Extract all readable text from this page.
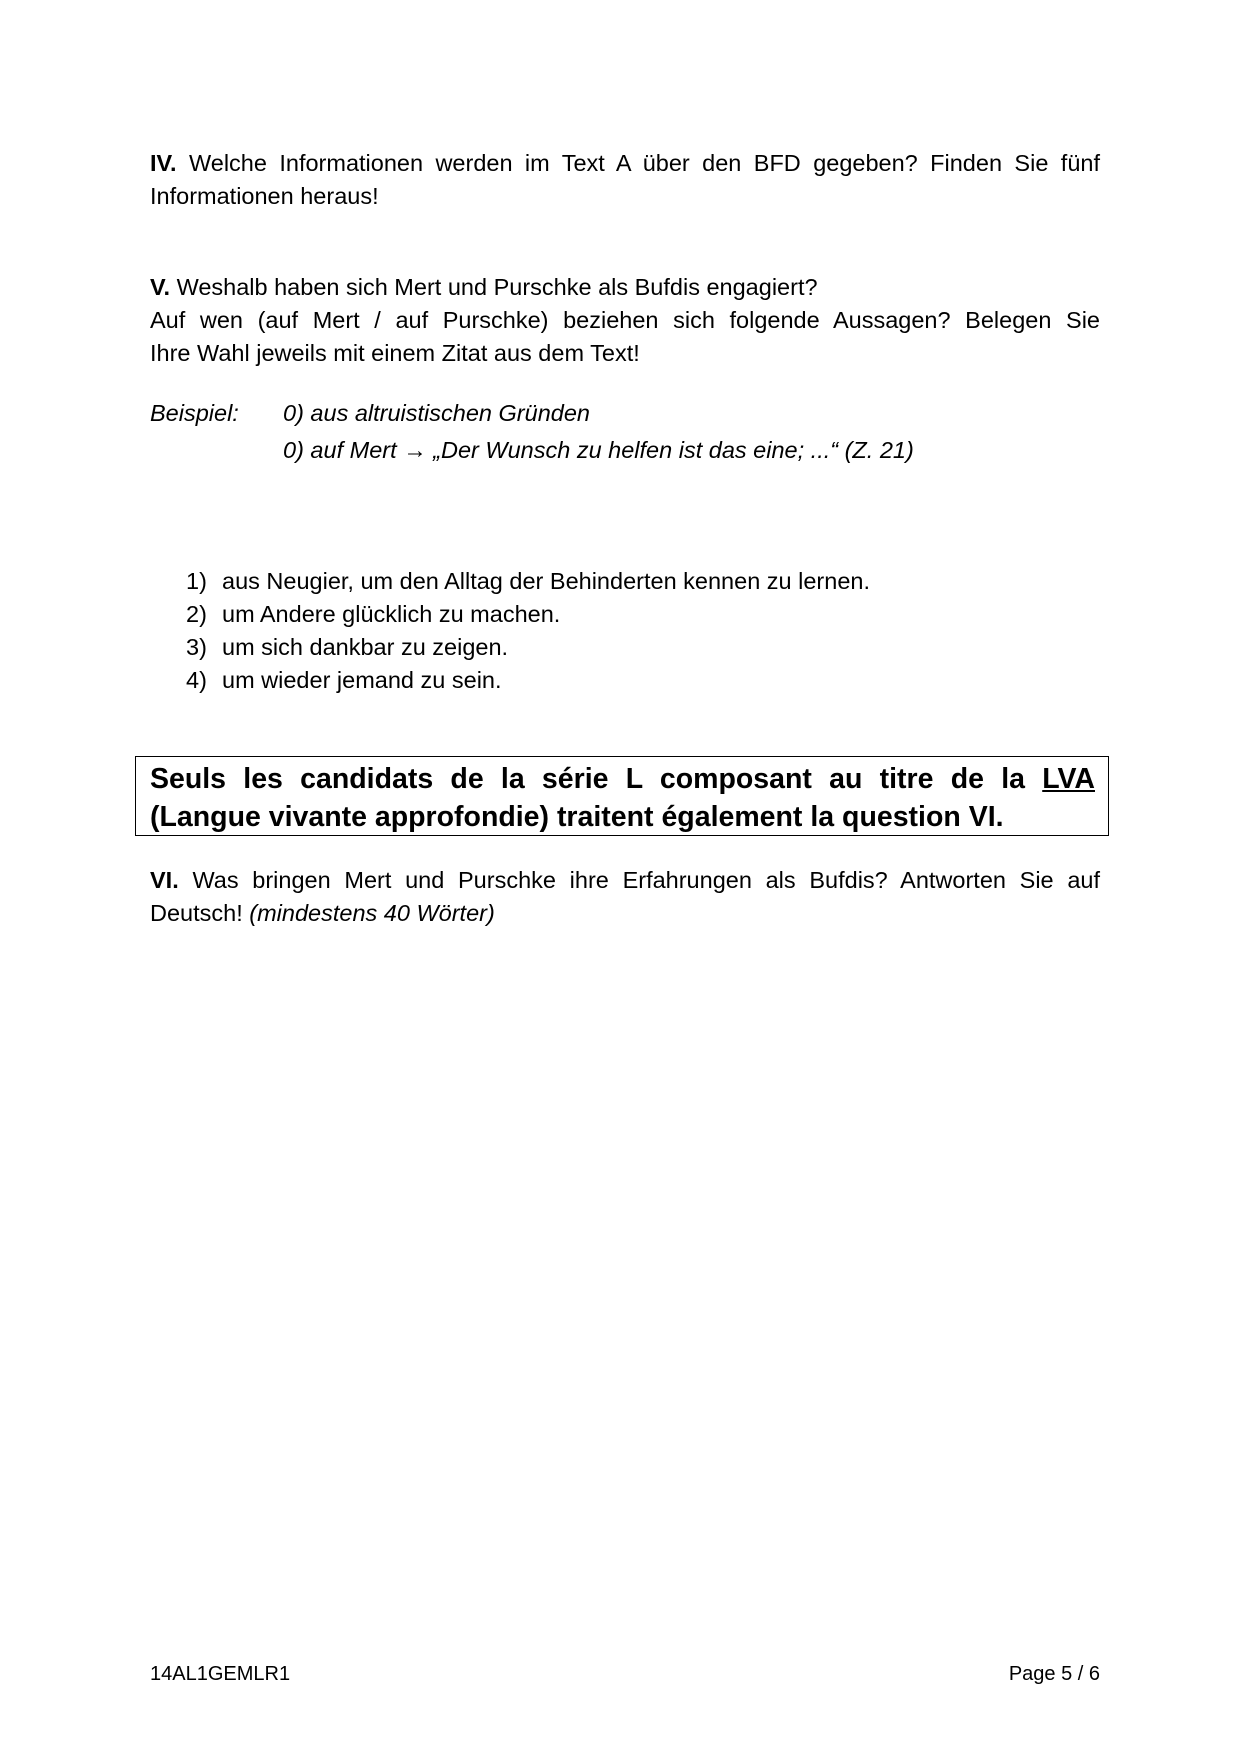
IV. Welche Informationen werden im Text A über den BFD gegeben? Finden Sie fünf
Informationen heraus!
V. Weshalb haben sich Mert und Purschke als Bufdis engagiert?
Auf wen (auf Mert / auf Purschke) beziehen sich folgende Aussagen? Belegen Sie
Ihre Wahl jeweils mit einem Zitat aus dem Text!
Beispiel: 0) aus altruistischen Gründen
0) auf Mert → „Der Wunsch zu helfen ist das eine; ...“ (Z. 21)
1) aus Neugier, um den Alltag der Behinderten kennen zu lernen.
2) um Andere glücklich zu machen.
3) um sich dankbar zu zeigen.
4) um wieder jemand zu sein.
Seuls les candidats de la série L composant au titre de la LVA
(Langue vivante approfondie) traitent également la question VI.
VI. Was bringen Mert und Purschke ihre Erfahrungen als Bufdis? Antworten Sie auf
Deutsch! (mindestens 40 Wörter)
14AL1GEMLR1	Page 5 / 6
